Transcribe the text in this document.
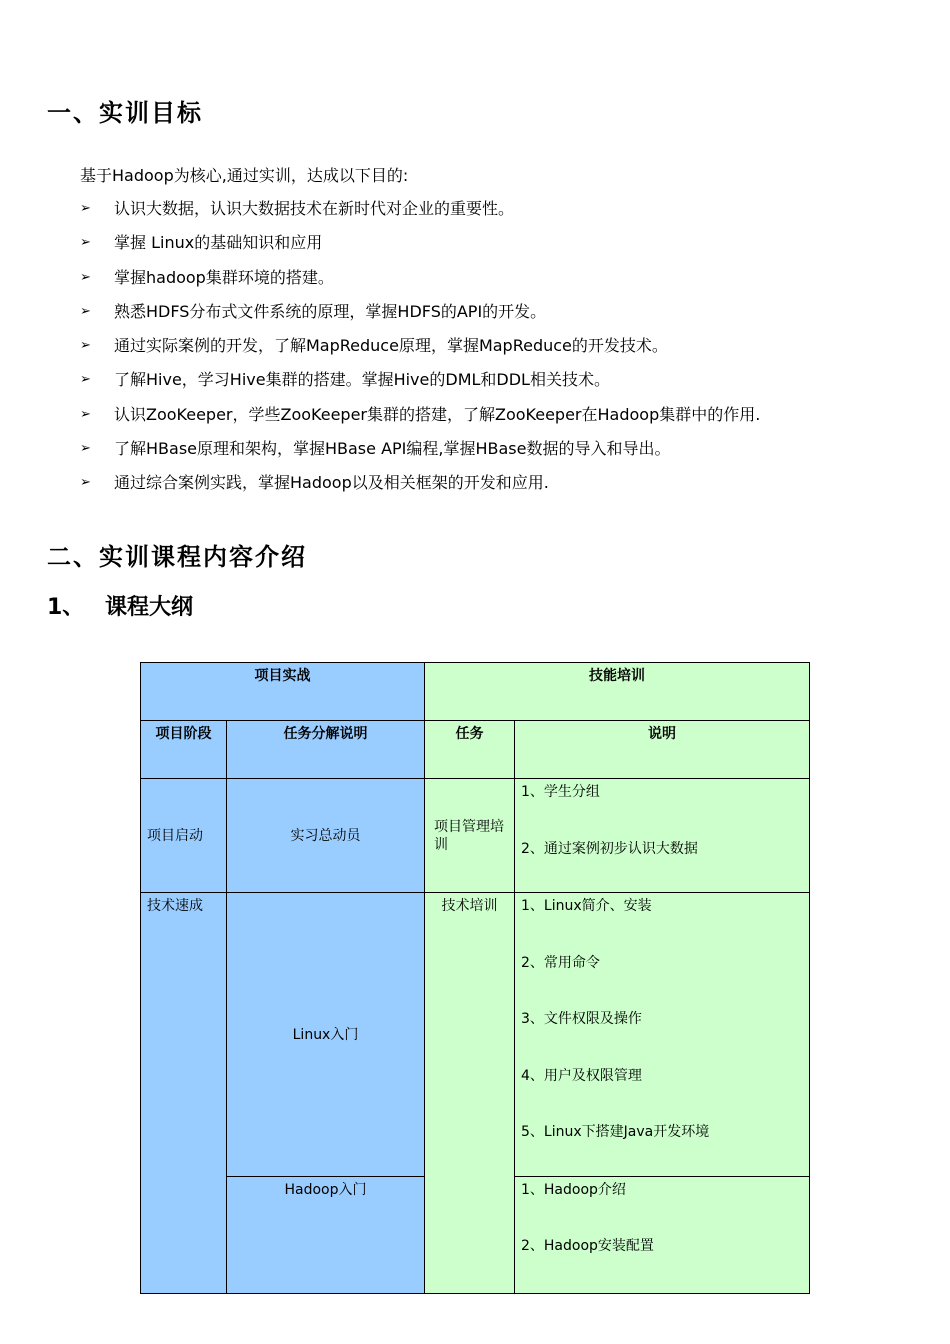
一、实训目标
基于Hadoop为核心,通过实训，达成以下目的:
➢ 认识大数据，认识大数据技术在新时代对企业的重要性。
➢ 掌握 Linux的基础知识和应用
➢ 掌握hadoop集群环境的搭建。
➢ 熟悉HDFS分布式文件系统的原理，掌握HDFS的API的开发。
➢ 通过实际案例的开发，了解MapReduce原理，掌握MapReduce的开发技术。
➢ 了解Hive，学习Hive集群的搭建。掌握Hive的DML和DDL相关技术。
➢ 认识ZooKeeper，学些ZooKeeper集群的搭建，了解ZooKeeper在Hadoop集群中的作用.
➢ 了解HBase原理和架构，掌握HBase API编程,掌握HBase数据的导入和导出。
➢ 通过综合案例实践，掌握Hadoop以及相关框架的开发和应用.
二、实训课程内容介绍
1、 课程大纲
项目实战		技能培训	
项目阶段	任务分解说明	任务	说明
项目启动	实习总动员	项目管理培训	1、学生分组
2、通过案例初步认识大数据

技术速成	Linux入门	技术培训	1、Linux简介、安装
2、常用命令
3、文件权限及操作
4、用户及权限管理
5、Linux下搭建Java开发环境

	Hadoop入门		1、Hadoop介绍
2、Hadoop安装配置
